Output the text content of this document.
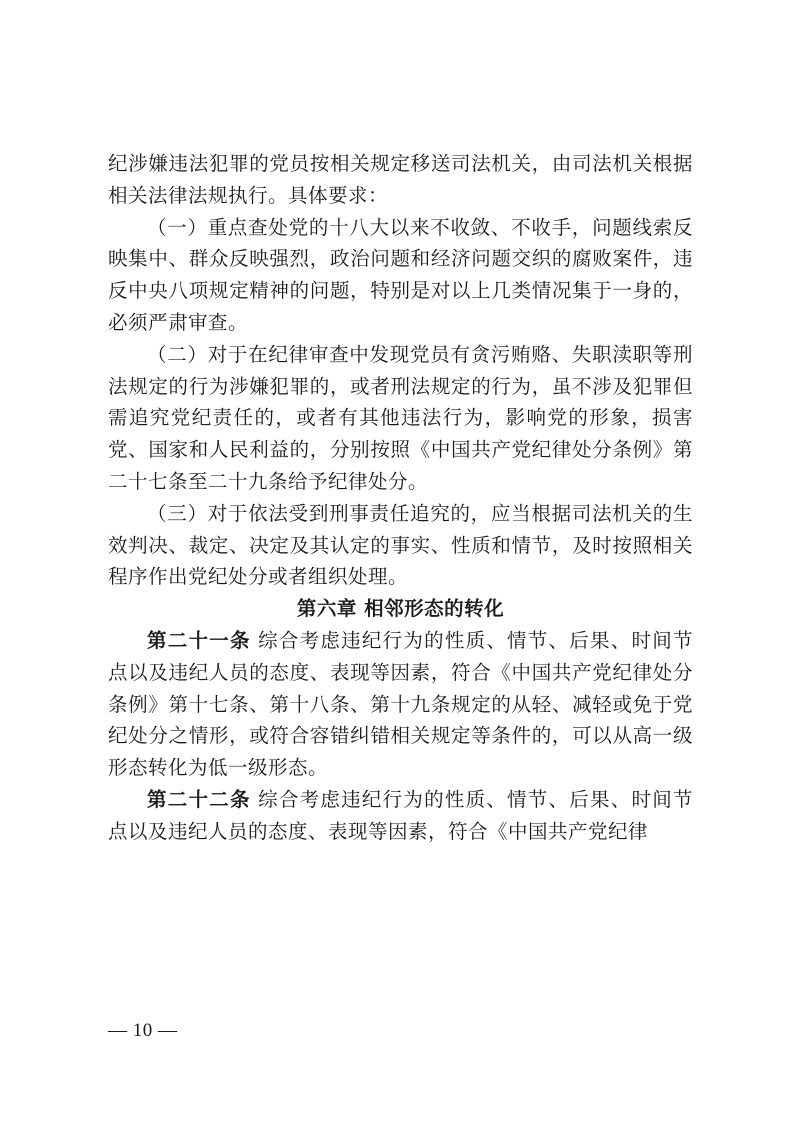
纪涉嫌违法犯罪的党员按相关规定移送司法机关，由司法机关根据相关法律法规执行。具体要求：

（一）重点查处党的十八大以来不收敛、不收手，问题线索反映集中、群众反映强烈，政治问题和经济问题交织的腐败案件，违反中央八项规定精神的问题，特别是对以上几类情况集于一身的，必须严肃审查。

（二）对于在纪律审查中发现党员有贪污贿赂、失职渎职等刑法规定的行为涉嫌犯罪的，或者刑法规定的行为，虽不涉及犯罪但需追究党纪责任的，或者有其他违法行为，影响党的形象，损害党、国家和人民利益的，分别按照《中国共产党纪律处分条例》第二十七条至二十九条给予纪律处分。

（三）对于依法受到刑事责任追究的，应当根据司法机关的生效判决、裁定、决定及其认定的事实、性质和情节，及时按照相关程序作出党纪处分或者组织处理。

第六章 相邻形态的转化

第二十一条 综合考虑违纪行为的性质、情节、后果、时间节点以及违纪人员的态度、表现等因素，符合《中国共产党纪律处分条例》第十七条、第十八条、第十九条规定的从轻、减轻或免于党纪处分之情形，或符合容错纠错相关规定等条件的，可以从高一级形态转化为低一级形态。

第二十二条 综合考虑违纪行为的性质、情节、后果、时间节点以及违纪人员的态度、表现等因素，符合《中国共产党纪律

— 10 —
